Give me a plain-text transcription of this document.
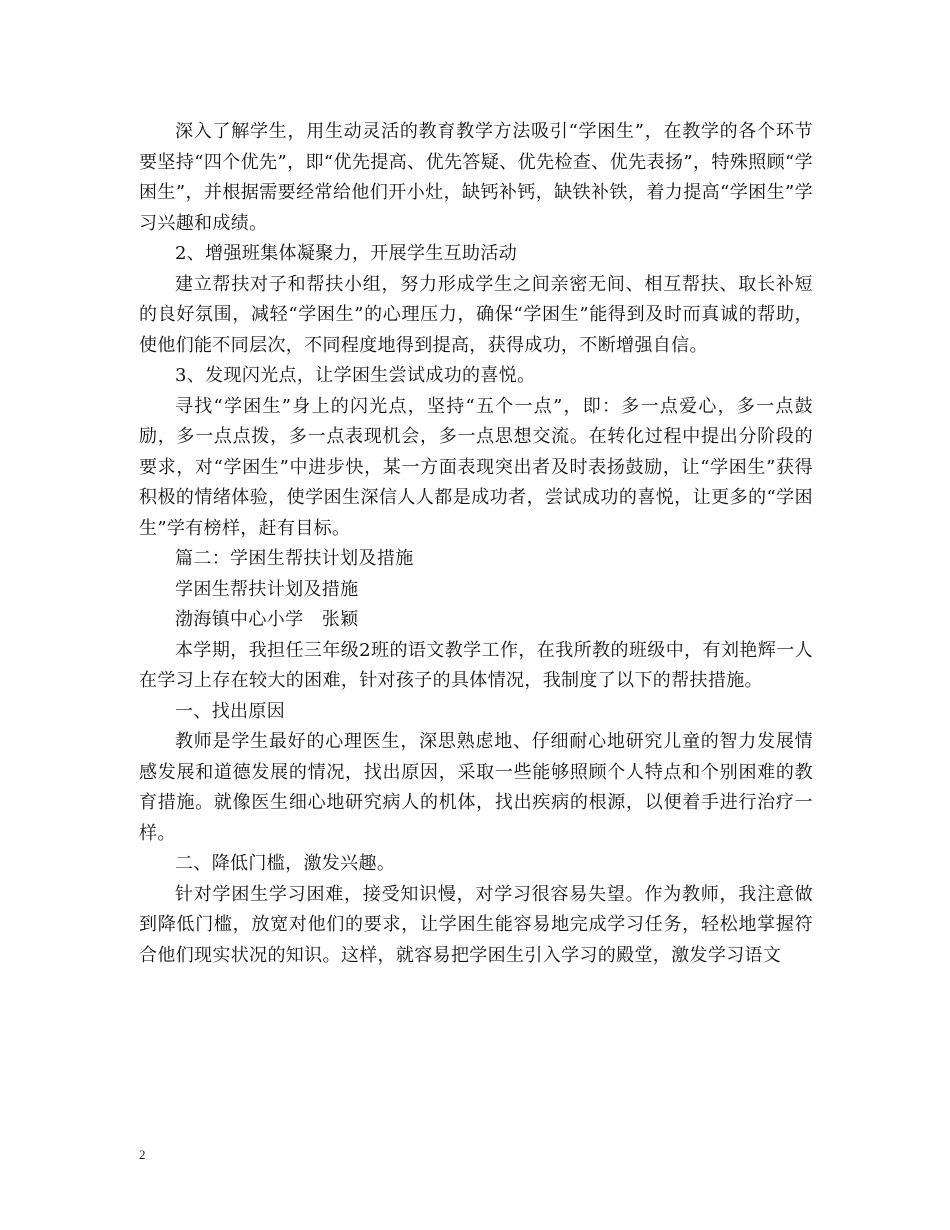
深入了解学生，用生动灵活的教育教学方法吸引“学困生”，在教学的各个环节要坚持“四个优先”，即“优先提高、优先答疑、优先检查、优先表扬”，特殊照顾“学困生”，并根据需要经常给他们开小灶，缺钙补钙，缺铁补铁，着力提高“学困生”学习兴趣和成绩。

2、增强班集体凝聚力，开展学生互助活动

建立帮扶对子和帮扶小组，努力形成学生之间亲密无间、相互帮扶、取长补短的良好氛围，减轻“学困生”的心理压力，确保“学困生”能得到及时而真诚的帮助，使他们能不同层次，不同程度地得到提高，获得成功，不断增强自信。

3、发现闪光点，让学困生尝试成功的喜悦。

寻找“学困生”身上的闪光点，坚持“五个一点”，即：多一点爱心，多一点鼓励，多一点点拨，多一点表现机会，多一点思想交流。在转化过程中提出分阶段的要求，对“学困生”中进步快，某一方面表现突出者及时表扬鼓励，让“学困生”获得积极的情绪体验，使学困生深信人人都是成功者，尝试成功的喜悦，让更多的“学困生”学有榜样，赶有目标。

篇二：学困生帮扶计划及措施

学困生帮扶计划及措施

渤海镇中心小学　张颖

本学期，我担任三年级2班的语文教学工作，在我所教的班级中，有刘艳辉一人在学习上存在较大的困难，针对孩子的具体情况，我制度了以下的帮扶措施。

一、找出原因

教师是学生最好的心理医生，深思熟虑地、仔细耐心地研究儿童的智力发展情感发展和道德发展的情况，找出原因，采取一些能够照顾个人特点和个别困难的教育措施。就像医生细心地研究病人的机体，找出疾病的根源，以便着手进行治疗一样。

二、降低门槛，激发兴趣。

针对学困生学习困难，接受知识慢，对学习很容易失望。作为教师，我注意做到降低门槛，放宽对他们的要求，让学困生能容易地完成学习任务，轻松地掌握符合他们现实状况的知识。这样，就容易把学困生引入学习的殿堂，激发学习语文

2
